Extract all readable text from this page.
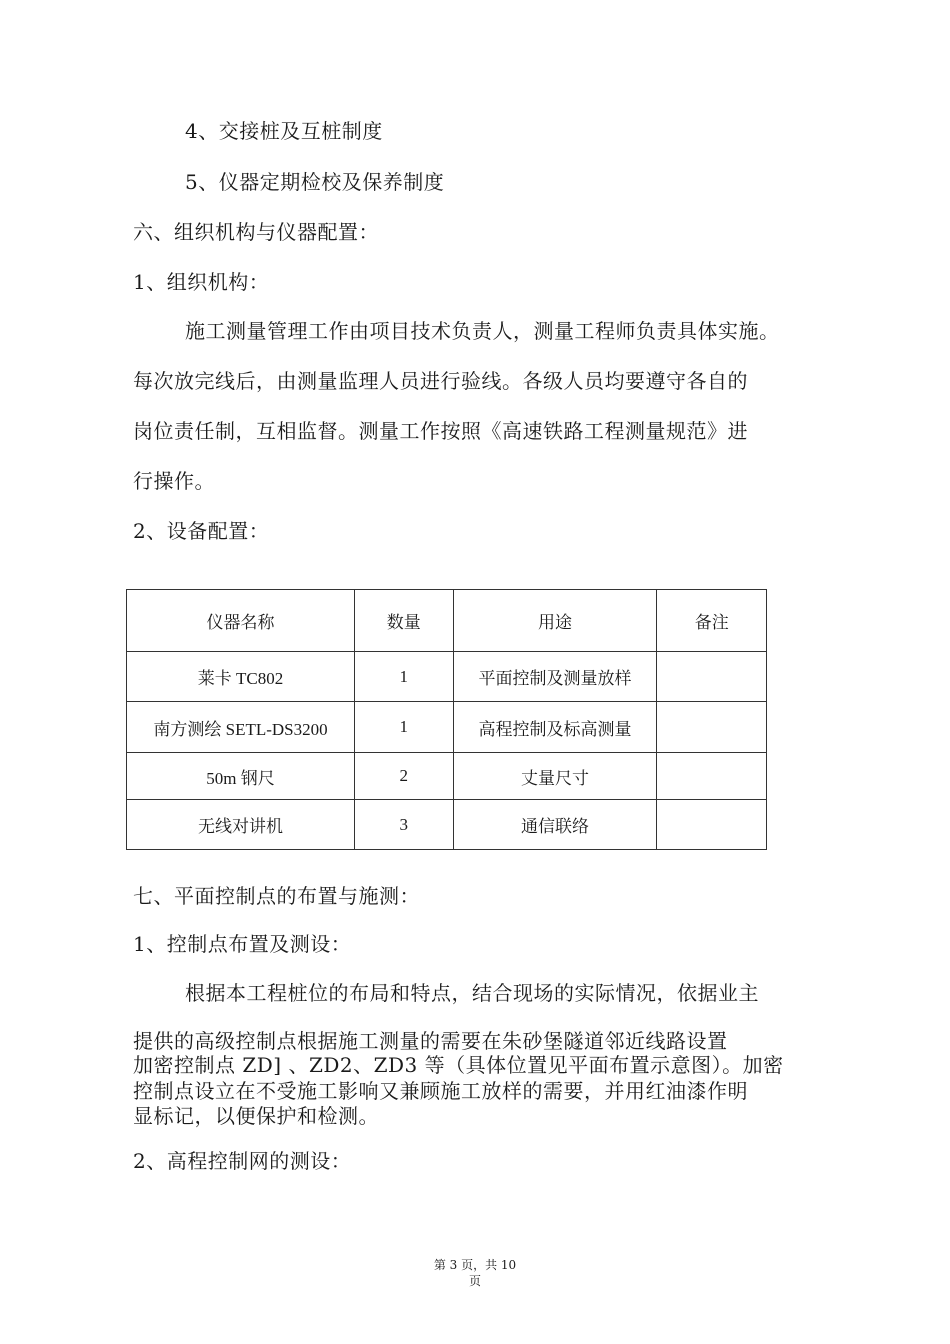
4、交接桩及互桩制度
5、仪器定期检校及保养制度
六、组织机构与仪器配置：
1、组织机构：
施工测量管理工作由项目技术负责人，测量工程师负责具体实施。
每次放完线后，由测量监理人员进行验线。各级人员均要遵守各自的
岗位责任制，互相监督。测量工作按照《高速铁路工程测量规范》进
行操作。
2、设备配置：
仪器名称	数量	用途	备注
莱卡 TC802	1	平面控制及测量放样	
南方测绘 SETL-DS3200	1	高程控制及标高测量	
50m 钢尺	2	丈量尺寸	
无线对讲机	3	通信联络	
七、平面控制点的布置与施测：
1、控制点布置及测设：
根据本工程桩位的布局和特点，结合现场的实际情况，依据业主
提供的高级控制点根据施工测量的需要在朱砂堡隧道邻近线路设置
加密控制点 ZD] 、ZD2、ZD3 等（具体位置见平面布置示意图）。加密
控制点设立在不受施工影响又兼顾施工放样的需要，并用红油漆作明
显标记，以便保护和检测。
2、高程控制网的测设：
第 3 页，共 10
页
